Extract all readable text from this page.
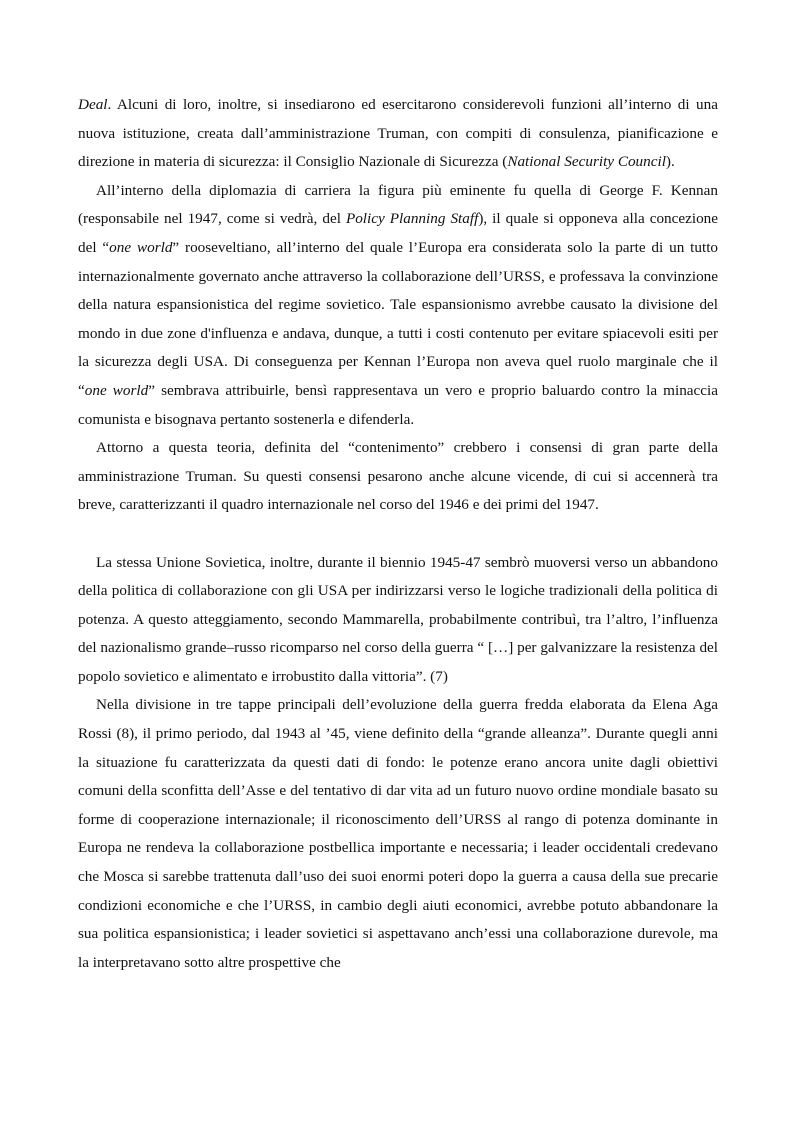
Deal. Alcuni di loro, inoltre, si insediarono ed esercitarono considerevoli funzioni all’interno di una nuova istituzione, creata dall’amministrazione Truman, con compiti di consulenza, pianificazione e direzione in materia di sicurezza: il Consiglio Nazionale di Sicurezza (National Security Council).

All’interno della diplomazia di carriera la figura più eminente fu quella di George F. Kennan (responsabile nel 1947, come si vedrà, del Policy Planning Staff), il quale si opponeva alla concezione del “one world” rooseveltiano, all’interno del quale l’Europa era considerata solo la parte di un tutto internazionalmente governato anche attraverso la collaborazione dell’URSS, e professava la convinzione della natura espansionistica del regime sovietico. Tale espansionismo avrebbe causato la divisione del mondo in due zone d'influenza e andava, dunque, a tutti i costi contenuto per evitare spiacevoli esiti per la sicurezza degli USA. Di conseguenza per Kennan l’Europa non aveva quel ruolo marginale che il “one world” sembrava attribuirle, bensì rappresentava un vero e proprio baluardo contro la minaccia comunista e bisognava pertanto sostenerla e difenderla.

Attorno a questa teoria, definita del “contenimento” crebbero i consensi di gran parte della amministrazione Truman. Su questi consensi pesarono anche alcune vicende, di cui si accennerà tra breve, caratterizzanti il quadro internazionale nel corso del 1946 e dei primi del 1947.

La stessa Unione Sovietica, inoltre, durante il biennio 1945-47 sembrò muoversi verso un abbandono della politica di collaborazione con gli USA per indirizzarsi verso le logiche tradizionali della politica di potenza. A questo atteggiamento, secondo Mammarella, probabilmente contribuì, tra l’altro, l’influenza del nazionalismo grande–russo ricomparso nel corso della guerra “ […] per galvanizzare la resistenza del popolo sovietico e alimentato e irrobustito dalla vittoria”. (7)

Nella divisione in tre tappe principali dell’evoluzione della guerra fredda elaborata da Elena Aga Rossi (8), il primo periodo, dal 1943 al ’45, viene definito della “grande alleanza”. Durante quegli anni la situazione fu caratterizzata da questi dati di fondo: le potenze erano ancora unite dagli obiettivi comuni della sconfitta dell’Asse e del tentativo di dar vita ad un futuro nuovo ordine mondiale basato su forme di cooperazione internazionale; il riconoscimento dell’URSS al rango di potenza dominante in Europa ne rendeva la collaborazione postbellica importante e necessaria; i leader occidentali credevano che Mosca si sarebbe trattenuta dall’uso dei suoi enormi poteri dopo la guerra a causa della sue precarie condizioni economiche e che l’URSS, in cambio degli aiuti economici, avrebbe potuto abbandonare la sua politica espansionistica; i leader sovietici si aspettavano anch’essi una collaborazione durevole, ma la interpretavano sotto altre prospettive che
